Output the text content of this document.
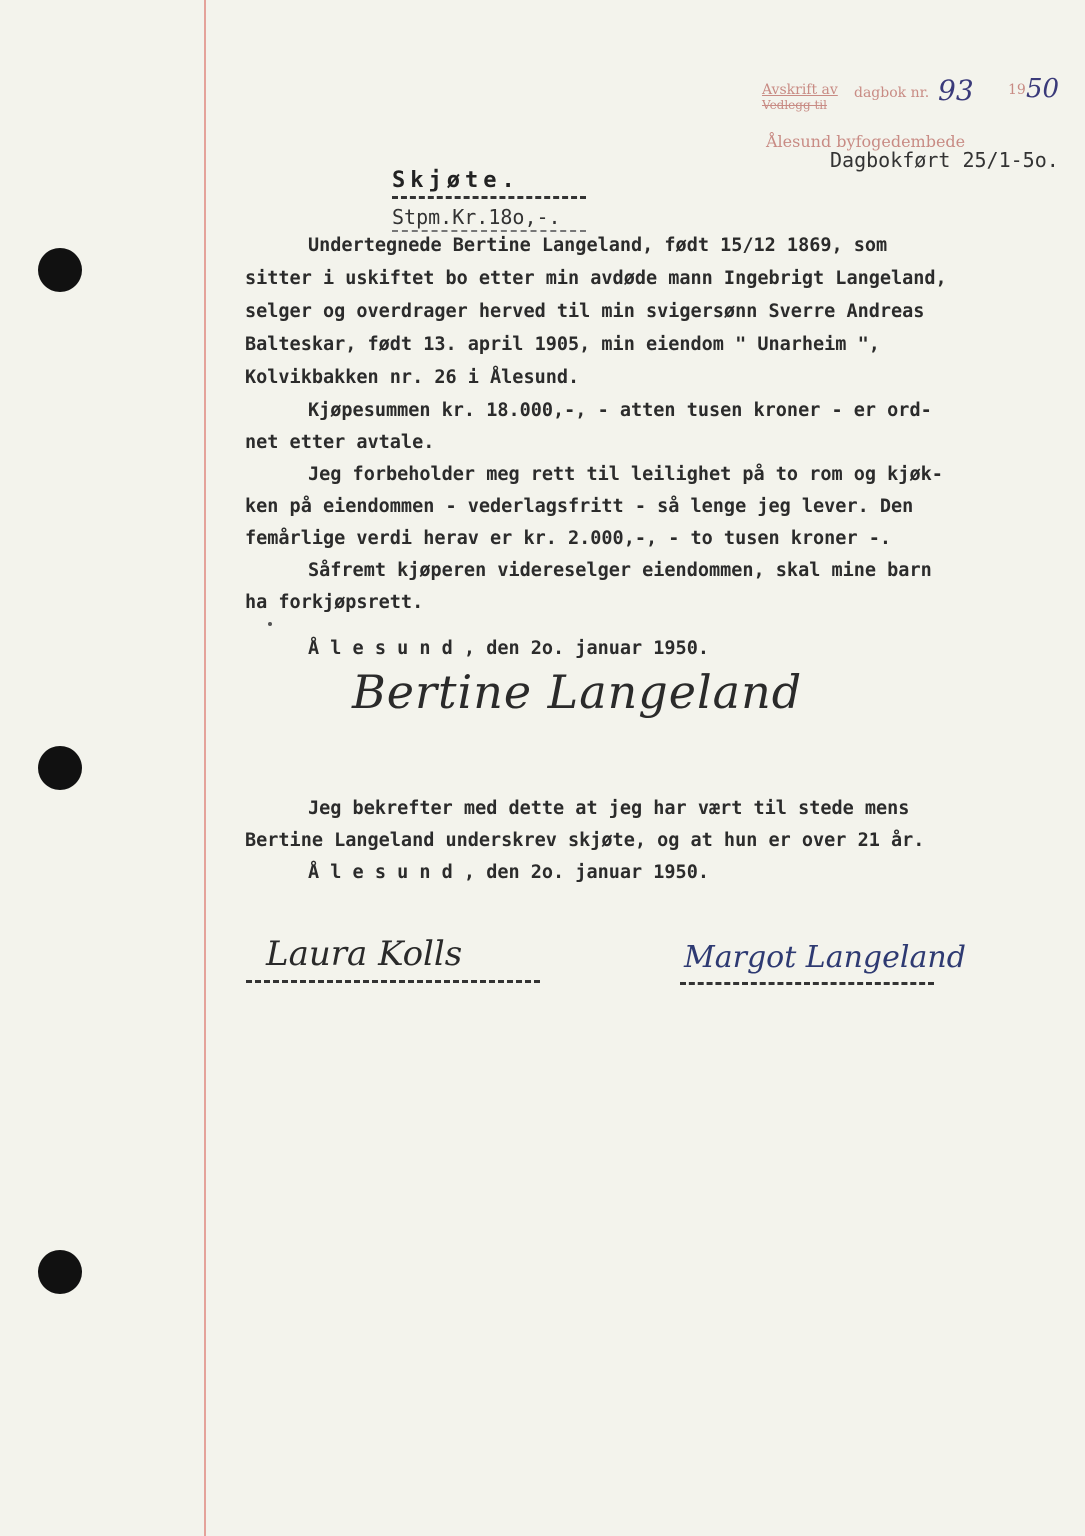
Avskrift av
Vedlegg til
dagbok nr. 93 19 50
Ålesund byfogedembede
Dagbokført 25/1-5o.
Skjøte.
Stpm.Kr.18o,-.
Undertegnede Bertine Langeland, født 15/12 1869, som
sitter i uskiftet bo etter min avdøde mann Ingebrigt Langeland,
selger og overdrager herved til min svigersønn Sverre Andreas
Balteskar, født 13. april 1905, min eiendom " Unarheim ",
Kolvikbakken nr. 26 i Ålesund.
Kjøpesummen kr. 18.000,-, - atten tusen kroner - er ord-
net etter avtale.
Jeg forbeholder meg rett til leilighet på to rom og kjøk-
ken på eiendommen - vederlagsfritt - så lenge jeg lever. Den
femårlige verdi herav er kr. 2.000,-, - to tusen kroner -.
Såfremt kjøperen videreselger eiendommen, skal mine barn
ha forkjøpsrett.
Å l e s u n d , den 2o. januar 1950.
Bertine Langeland
Jeg bekrefter med dette at jeg har vært til stede mens
Bertine Langeland underskrev skjøte, og at hun er over 21 år.
Å l e s u n d , den 2o. januar 1950.
Laura Kolls	Margot Langeland
